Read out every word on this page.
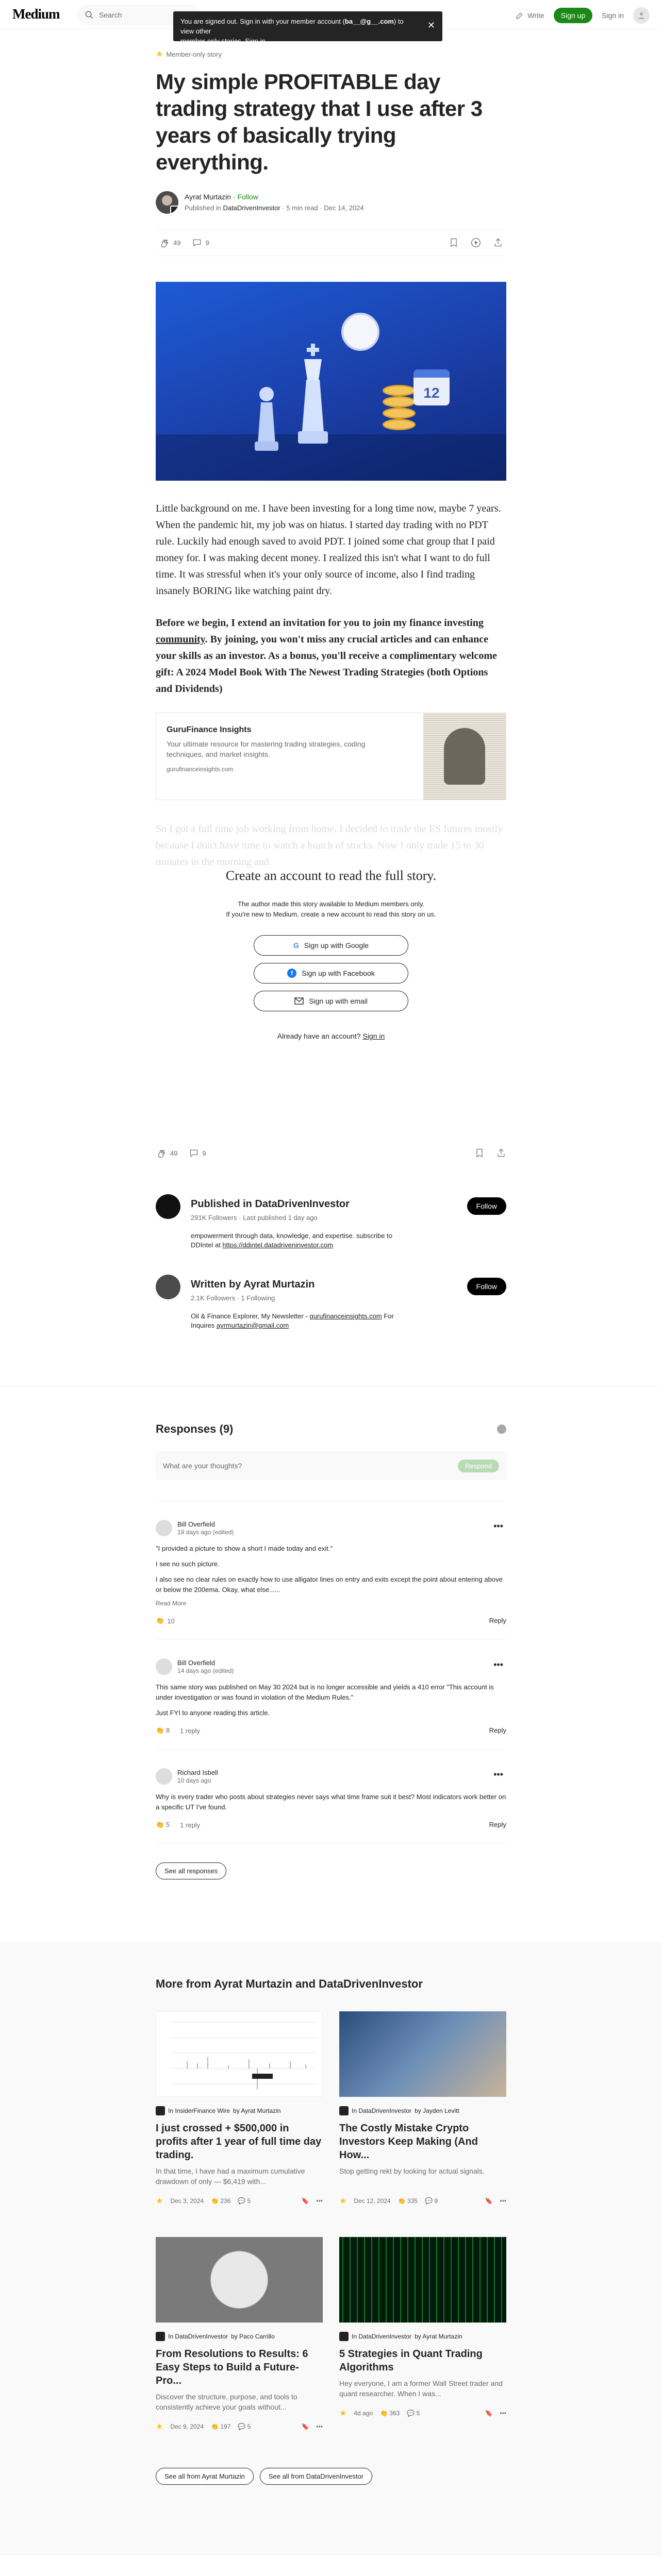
Medium	Search	Write	Sign up	Sign in
You are signed out. Sign in with your member account (ba__@g__.com) to view other
member-only stories. Sign in
✕
★ Member-only story
My simple PROFITABLE day trading strategy that I use after 3 years of basically trying everything.
Ayrat Murtazin · Follow
Published in DataDrivenInvestor · 5 min read · Dec 14, 2024
49	9
12

Little background on me. I have been investing for a long time now, maybe 7 years. When the pandemic hit, my job was on hiatus. I started day trading with no PDT rule. Luckily had enough saved to avoid PDT. I joined some chat group that I paid money for. I was making decent money. I realized this isn't what I want to do full time. It was stressful when it's your only source of income, also I find trading insanely BORING like watching paint dry.

Before we begin, I extend an invitation for you to join my finance investing community. By joining, you won't miss any crucial articles and can enhance your skills as an investor. As a bonus, you'll receive a complimentary welcome gift: A 2024 Model Book With The Newest Trading Strategies (both Options and Dividends)

GuruFinance Insights
Your ultimate resource for mastering trading strategies, coding techniques, and market insights.
gurufinanceinsights.com
So I got a full time job working from home. I decided to trade the ES futures mostly because I don't have time to watch a bunch of stocks. Now I only trade 15 to 30 minutes in the morning and
Create an account to read the full story.
The author made this story available to Medium members only.
If you're new to Medium, create a new account to read this story on us.
G Sign up with Google
f	Sign up with Facebook
Sign up with email
Already have an account? Sign in
49	9
Published in DataDrivenInvestor
291K Followers · Last published 1 day ago
empowerment through data, knowledge, and expertise. subscribe to DDIntel at https://ddintel.datadriveninvestor.com
Follow
Written by Ayrat Murtazin
2.1K Followers · 1 Following
Oil & Finance Explorer, My Newsletter - gurufinanceinsights.com For Inquires ayrmurtazin@gmail.com
Follow
Responses (9)
What are your thoughts?	Respond
Bill Overfield
19 days ago (edited)
•••

"I provided a picture to show a short I made today and exit."

I see no such picture.

I also see no clear rules on exactly how to use alligator lines on entry and exits except the point about entering above or below the 200ema. Okay, what else......

Read More
👏 10	Reply
Bill Overfield
14 days ago (edited)
•••

This same story was published on May 30 2024 but is no longer accessible and yields a 410 error "This account is under investigation or was found in violation of the Medium Rules."

Just FYI to anyone reading this article.

👏 8 1 reply	Reply
Richard Isbell
10 days ago
•••

Why is every trader who posts about strategies never says what time frame suit it best? Most indicators work better on a specific UT I've found.

👏 5 1 reply	Reply
See all responses
More from Ayrat Murtazin and DataDrivenInvestor
In InsiderFinance Wire by Ayrat Murtazin
I just crossed + $500,000 in profits after 1 year of full time day trading.
In that time, I have had a maximum cumulative drawdown of only — $6,419 with...
★ Dec 3, 2024 👏 236 💬 5	🔖 •••
In DataDrivenInvestor by Jayden Levitt
The Costly Mistake Crypto Investors Keep Making (And How...
Stop getting rekt by looking for actual signals.
★ Dec 12, 2024 👏 335 💬 9	🔖 •••
In DataDrivenInvestor by Paco Carrillo
From Resolutions to Results: 6 Easy Steps to Build a Future-Pro...
Discover the structure, purpose, and tools to consistently achieve your goals without...
★ Dec 9, 2024 👏 197 💬 5	🔖 •••
In DataDrivenInvestor by Ayrat Murtazin
5 Strategies in Quant Trading Algorithms
Hey everyone, I am a former Wall Street trader and quant researcher. When I was...
★ 4d ago 👏 363 💬 5	🔖 •••
See all from Ayrat Murtazin	See all from DataDrivenInvestor
